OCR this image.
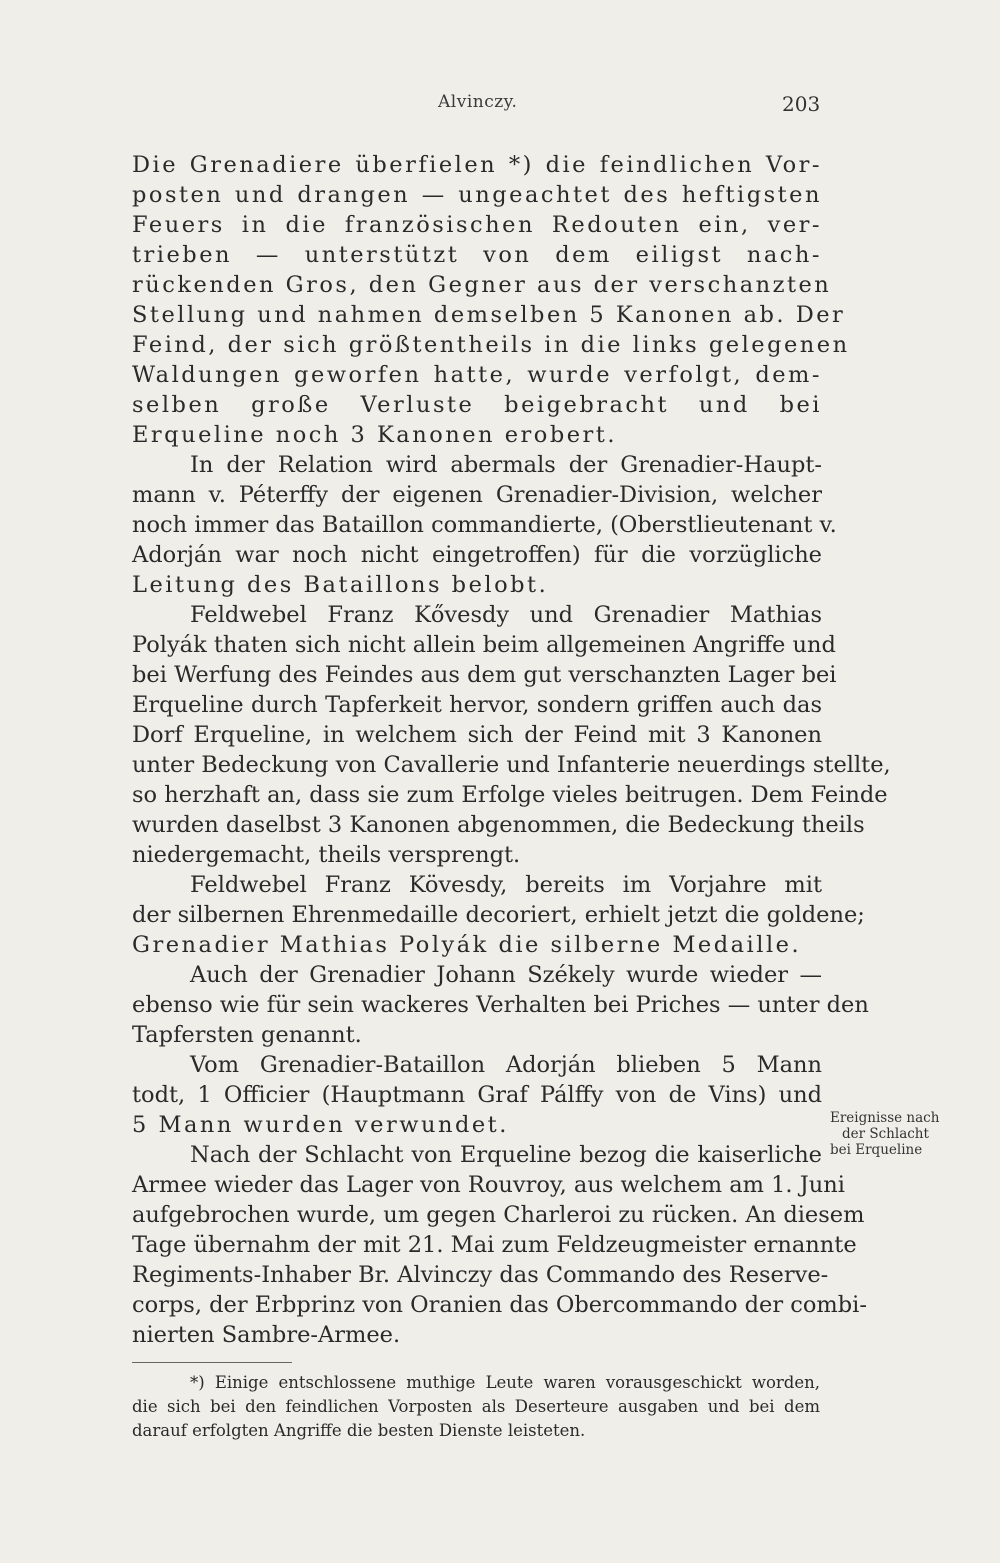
Alvinczy.	203
Die Grenadiere überfielen *) die feindlichen Vor-
posten und drangen — ungeachtet des heftigsten
Feuers in die französischen Redouten ein, ver-
trieben — unterstützt von dem eiligst nach-
rückenden Gros, den Gegner aus der verschanzten
Stellung und nahmen demselben 5 Kanonen ab. Der
Feind, der sich größtentheils in die links gelegenen
Waldungen geworfen hatte, wurde verfolgt, dem-
selben große Verluste beigebracht und bei
Erqueline noch 3 Kanonen erobert.
In der Relation wird abermals der Grenadier-Haupt-
mann v. Péterffy der eigenen Grenadier-Division, welcher
noch immer das Bataillon commandierte, (Oberstlieutenant v.
Adorján war noch nicht eingetroffen) für die vorzügliche
Leitung des Bataillons belobt.
Feldwebel Franz Kővesdy und Grenadier Mathias
Polyák thaten sich nicht allein beim allgemeinen Angriffe und
bei Werfung des Feindes aus dem gut verschanzten Lager bei
Erqueline durch Tapferkeit hervor, sondern griffen auch das
Dorf Erqueline, in welchem sich der Feind mit 3 Kanonen
unter Bedeckung von Cavallerie und Infanterie neuerdings stellte,
so herzhaft an, dass sie zum Erfolge vieles beitrugen. Dem Feinde
wurden daselbst 3 Kanonen abgenommen, die Bedeckung theils
niedergemacht, theils versprengt.
Feldwebel Franz Kövesdy, bereits im Vorjahre mit
der silbernen Ehrenmedaille decoriert, erhielt jetzt die goldene;
Grenadier Mathias Polyák die silberne Medaille.
Auch der Grenadier Johann Székely wurde wieder —
ebenso wie für sein wackeres Verhalten bei Priches — unter den
Tapfersten genannt.
Vom Grenadier-Bataillon Adorján blieben 5 Mann
todt, 1 Officier (Hauptmann Graf Pálffy von de Vins) und
5 Mann wurden verwundet.
Nach der Schlacht von Erqueline bezog die kaiserliche
Armee wieder das Lager von Rouvroy, aus welchem am 1. Juni
aufgebrochen wurde, um gegen Charleroi zu rücken. An diesem
Tage übernahm der mit 21. Mai zum Feldzeugmeister ernannte
Regiments-Inhaber Br. Alvinczy das Commando des Reserve-
corps, der Erbprinz von Oranien das Obercommando der combi-
nierten Sambre-Armee.
Ereignisse nach
der Schlacht
bei Erqueline
*) Einige entschlossene muthige Leute waren vorausgeschickt worden,
die sich bei den feindlichen Vorposten als Deserteure ausgaben und bei dem
darauf erfolgten Angriffe die besten Dienste leisteten.
